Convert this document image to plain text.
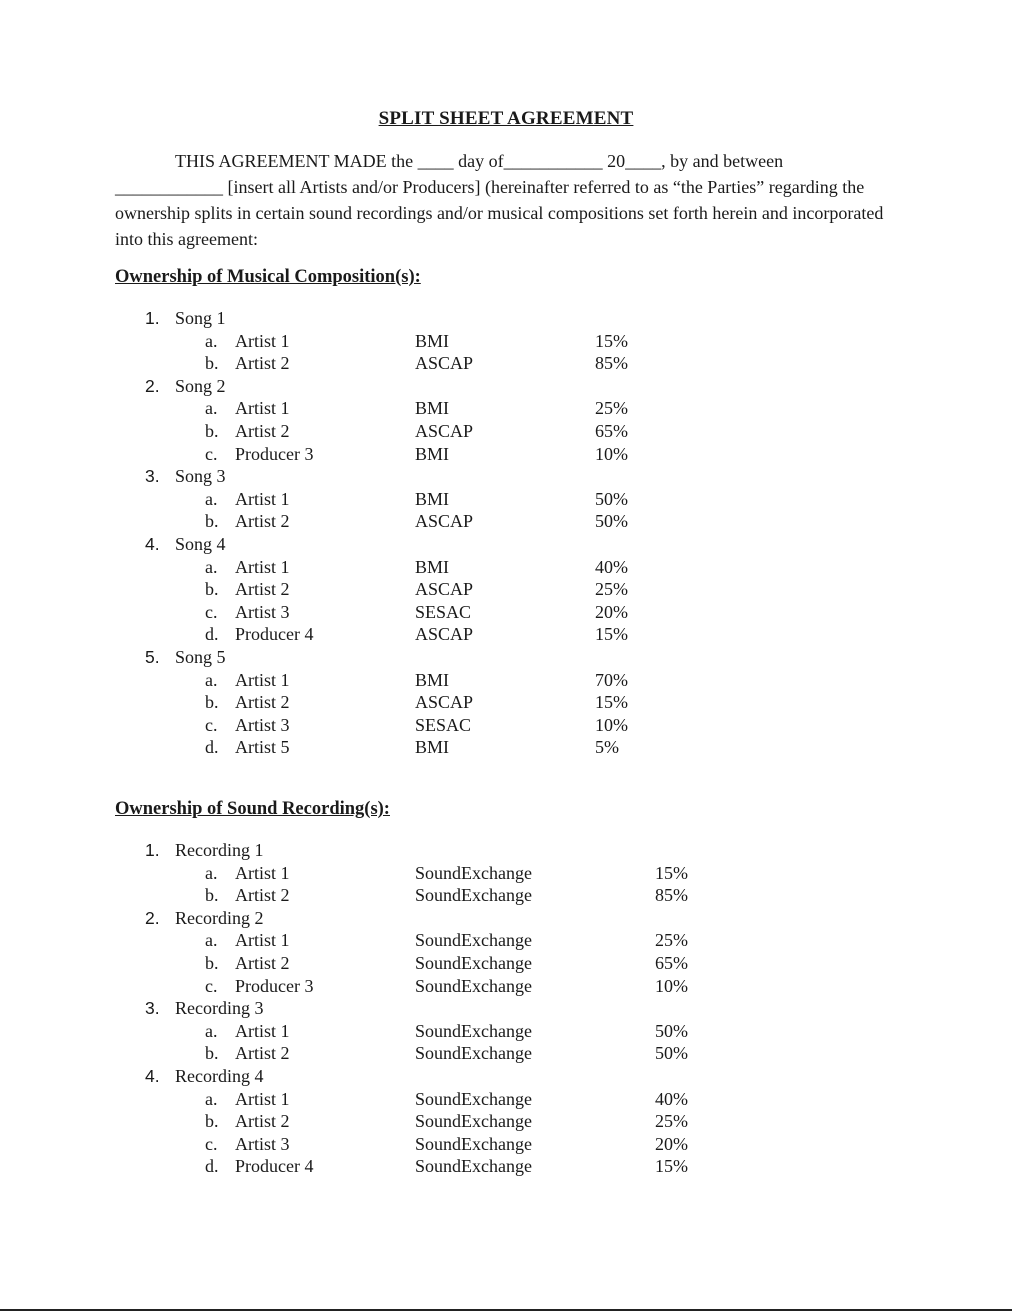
SPLIT SHEET AGREEMENT

THIS AGREEMENT MADE the ____ day of___________ 20____, by and between ____________ [insert all Artists and/or Producers] (hereinafter referred to as “the Parties” regarding the ownership splits in certain sound recordings and/or musical compositions set forth herein and incorporated into this agreement:

Ownership of Musical Composition(s):
1. Song 1
a. Artist 1	BMI	15%
b. Artist 2	ASCAP	85%
2. Song 2
a. Artist 1	BMI	25%
b. Artist 2	ASCAP	65%
c. Producer 3	BMI	10%
3. Song 3
a. Artist 1	BMI	50%
b. Artist 2	ASCAP	50%
4. Song 4
a. Artist 1	BMI	40%
b. Artist 2	ASCAP	25%
c. Artist 3	SESAC	20%
d. Producer 4	ASCAP	15%
5. Song 5
a. Artist 1	BMI	70%
b. Artist 2	ASCAP	15%
c. Artist 3	SESAC	10%
d. Artist 5	BMI	5%
Ownership of Sound Recording(s):
1. Recording 1
a. Artist 1	SoundExchange	15%
b. Artist 2	SoundExchange	85%
2. Recording 2
a. Artist 1	SoundExchange	25%
b. Artist 2	SoundExchange	65%
c. Producer 3	SoundExchange	10%
3. Recording 3
a. Artist 1	SoundExchange	50%
b. Artist 2	SoundExchange	50%
4. Recording 4
a. Artist 1	SoundExchange	40%
b. Artist 2	SoundExchange	25%
c. Artist 3	SoundExchange	20%
d. Producer 4	SoundExchange	15%
